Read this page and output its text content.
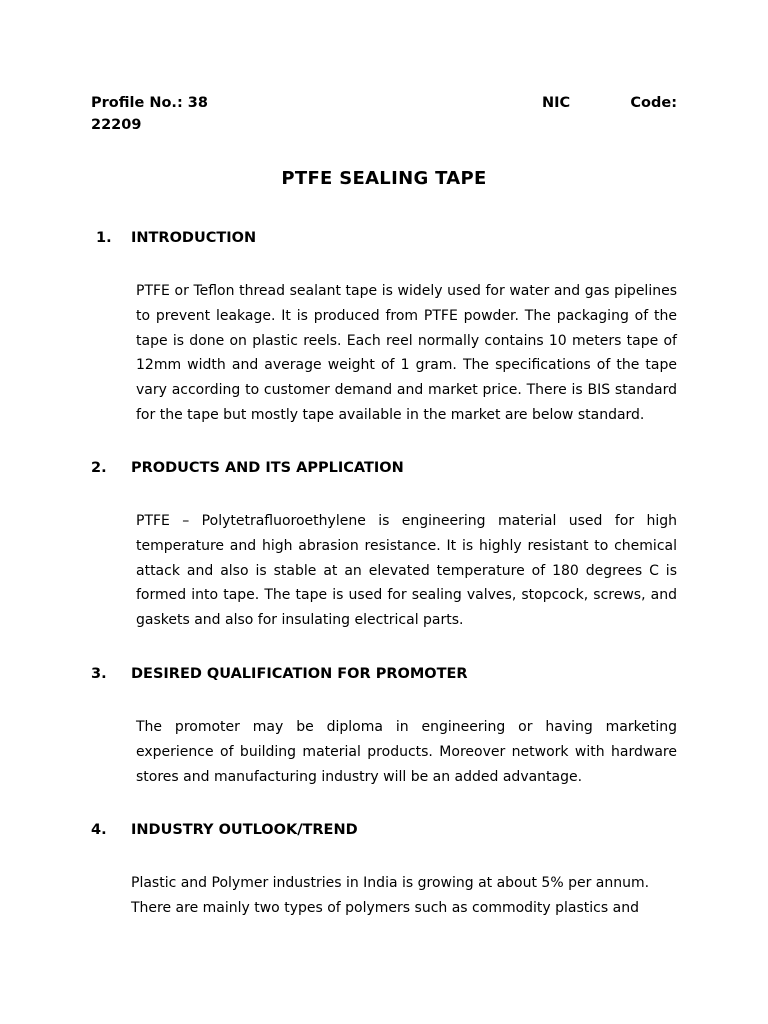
Profile No.: 38	NIC	Code:
22209
PTFE SEALING TAPE
1. INTRODUCTION
PTFE or Teflon thread sealant tape is widely used for water and gas pipelines to prevent leakage. It is produced from PTFE powder. The packaging of the tape is done on plastic reels. Each reel normally contains 10 meters tape of 12mm width and average weight of 1 gram. The specifications of the tape vary according to customer demand and market price. There is BIS standard for the tape but mostly tape available in the market are below standard.
2. PRODUCTS AND ITS APPLICATION
PTFE – Polytetrafluoroethylene is engineering material used for high temperature and high abrasion resistance. It is highly resistant to chemical attack and also is stable at an elevated temperature of 180 degrees C is formed into tape. The tape is used for sealing valves, stopcock, screws, and gaskets and also for insulating electrical parts.
3. DESIRED QUALIFICATION FOR PROMOTER
The promoter may be diploma in engineering or having marketing experience of building material products. Moreover network with hardware stores and manufacturing industry will be an added advantage.
4. INDUSTRY OUTLOOK/TREND
Plastic and Polymer industries in India is growing at about 5% per annum.
There are mainly two types of polymers such as commodity plastics and
